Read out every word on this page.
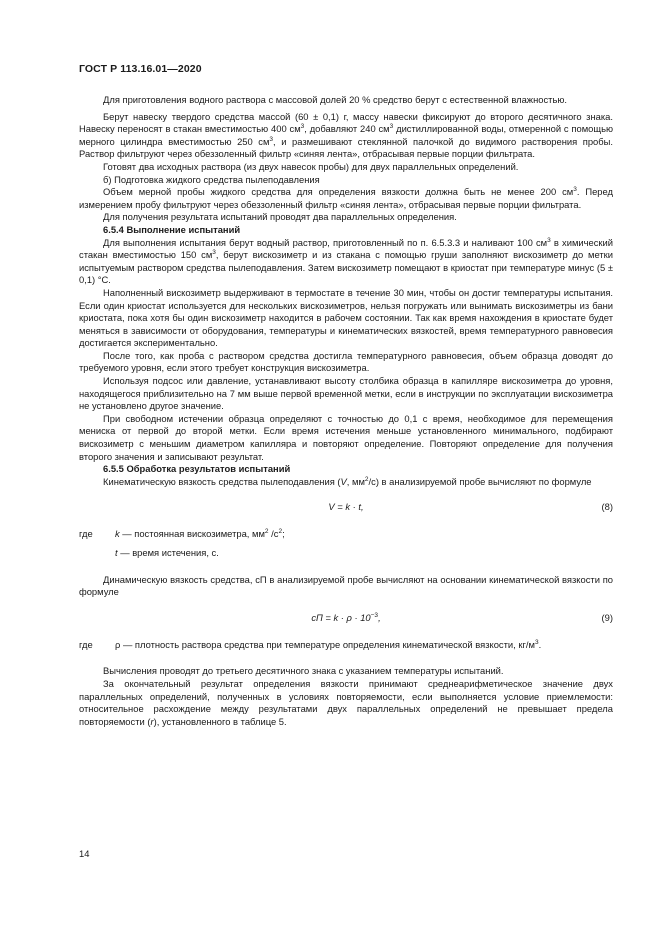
ГОСТ Р 113.16.01—2020

Для приготовления водного раствора с массовой долей 20 % средство берут с естественной влажностью.

Берут навеску твердого средства массой (60 ± 0,1) г, массу навески фиксируют до второго десятичного знака. Навеску переносят в стакан вместимостью 400 $см^3$, добавляют 240 $см^3$ дистиллированной воды, отмеренной с помощью мерного цилиндра вместимостью 250 $см^3$, и размешивают стеклянной палочкой до видимого растворения пробы. Раствор фильтруют через обеззоленный фильтр «синяя лента», отбрасывая первые порции фильтрата.

Готовят два исходных раствора (из двух навесок пробы) для двух параллельных определений.

б) Подготовка жидкого средства пылеподавления

Объем мерной пробы жидкого средства для определения вязкости должна быть не менее 200 $см^3$. Перед измерением пробу фильтруют через обеззоленный фильтр «синяя лента», отбрасывая первые порции фильтрата.

Для получения результата испытаний проводят два параллельных определения.

6.5.4 Выполнение испытаний

Для выполнения испытания берут водный раствор, приготовленный по п. 6.5.3.3 и наливают 100 $см^3$ в химический стакан вместимостью 150 $см^3$, берут вискозиметр и из стакана с помощью груши заполняют вискозиметр до метки испытуемым раствором средства пылеподавления. Затем вискозиметр помещают в криостат при температуре минус (5 ± 0,1) °С.

Наполненный вискозиметр выдерживают в термостате в течение 30 мин, чтобы он достиг температуры испытания. Если один криостат используется для нескольких вискозиметров, нельзя погружать или вынимать вискозиметры из бани криостата, пока хотя бы один вискозиметр находится в рабочем состоянии. Так как время нахождения в криостате будет меняться в зависимости от оборудования, температуры и кинематических вязкостей, время температурного равновесия достигается экспериментально.

После того, как проба с раствором средства достигла температурного равновесия, объем образца доводят до требуемого уровня, если этого требует конструкция вискозиметра.

Используя подсос или давление, устанавливают высоту столбика образца в капилляре вискозиметра до уровня, находящегося приблизительно на 7 мм выше первой временной метки, если в инструкции по эксплуатации вискозиметра не установлено другое значение.

При свободном истечении образца определяют с точностью до 0,1 с время, необходимое для перемещения мениска от первой до второй метки. Если время истечения меньше установленного минимального, подбирают вискозиметр с меньшим диаметром капилляра и повторяют определение. Повторяют определение для получения второго значения и записывают результат.

6.5.5 Обработка результатов испытаний

Кинематическую вязкость средства пылеподавления (V, $мм^2/с$) в анализируемой пробе вычисляют по формуле

V = k · t,	(8)
где	k — постоянная вискозиметра, $мм^2$ $/с^2$;
t — время истечения, с.

Динамическую вязкость средства, сП в анализируемой пробе вычисляют на основании кинематической вязкости по формуле

сП = $k \cdot \rho \cdot 10^{-3}$,	(9)
где	ρ — плотность раствора средства при температуре определения кинематической вязкости, $кг/м^3$.

Вычисления проводят до третьего десятичного знака с указанием температуры испытаний.

За окончательный результат определения вязкости принимают среднеарифметическое значение двух параллельных определений, полученных в условиях повторяемости, если выполняется условие приемлемости: относительное расхождение между результатами двух параллельных определений не превышает предела повторяемости (r), установленного в таблице 5.

14
